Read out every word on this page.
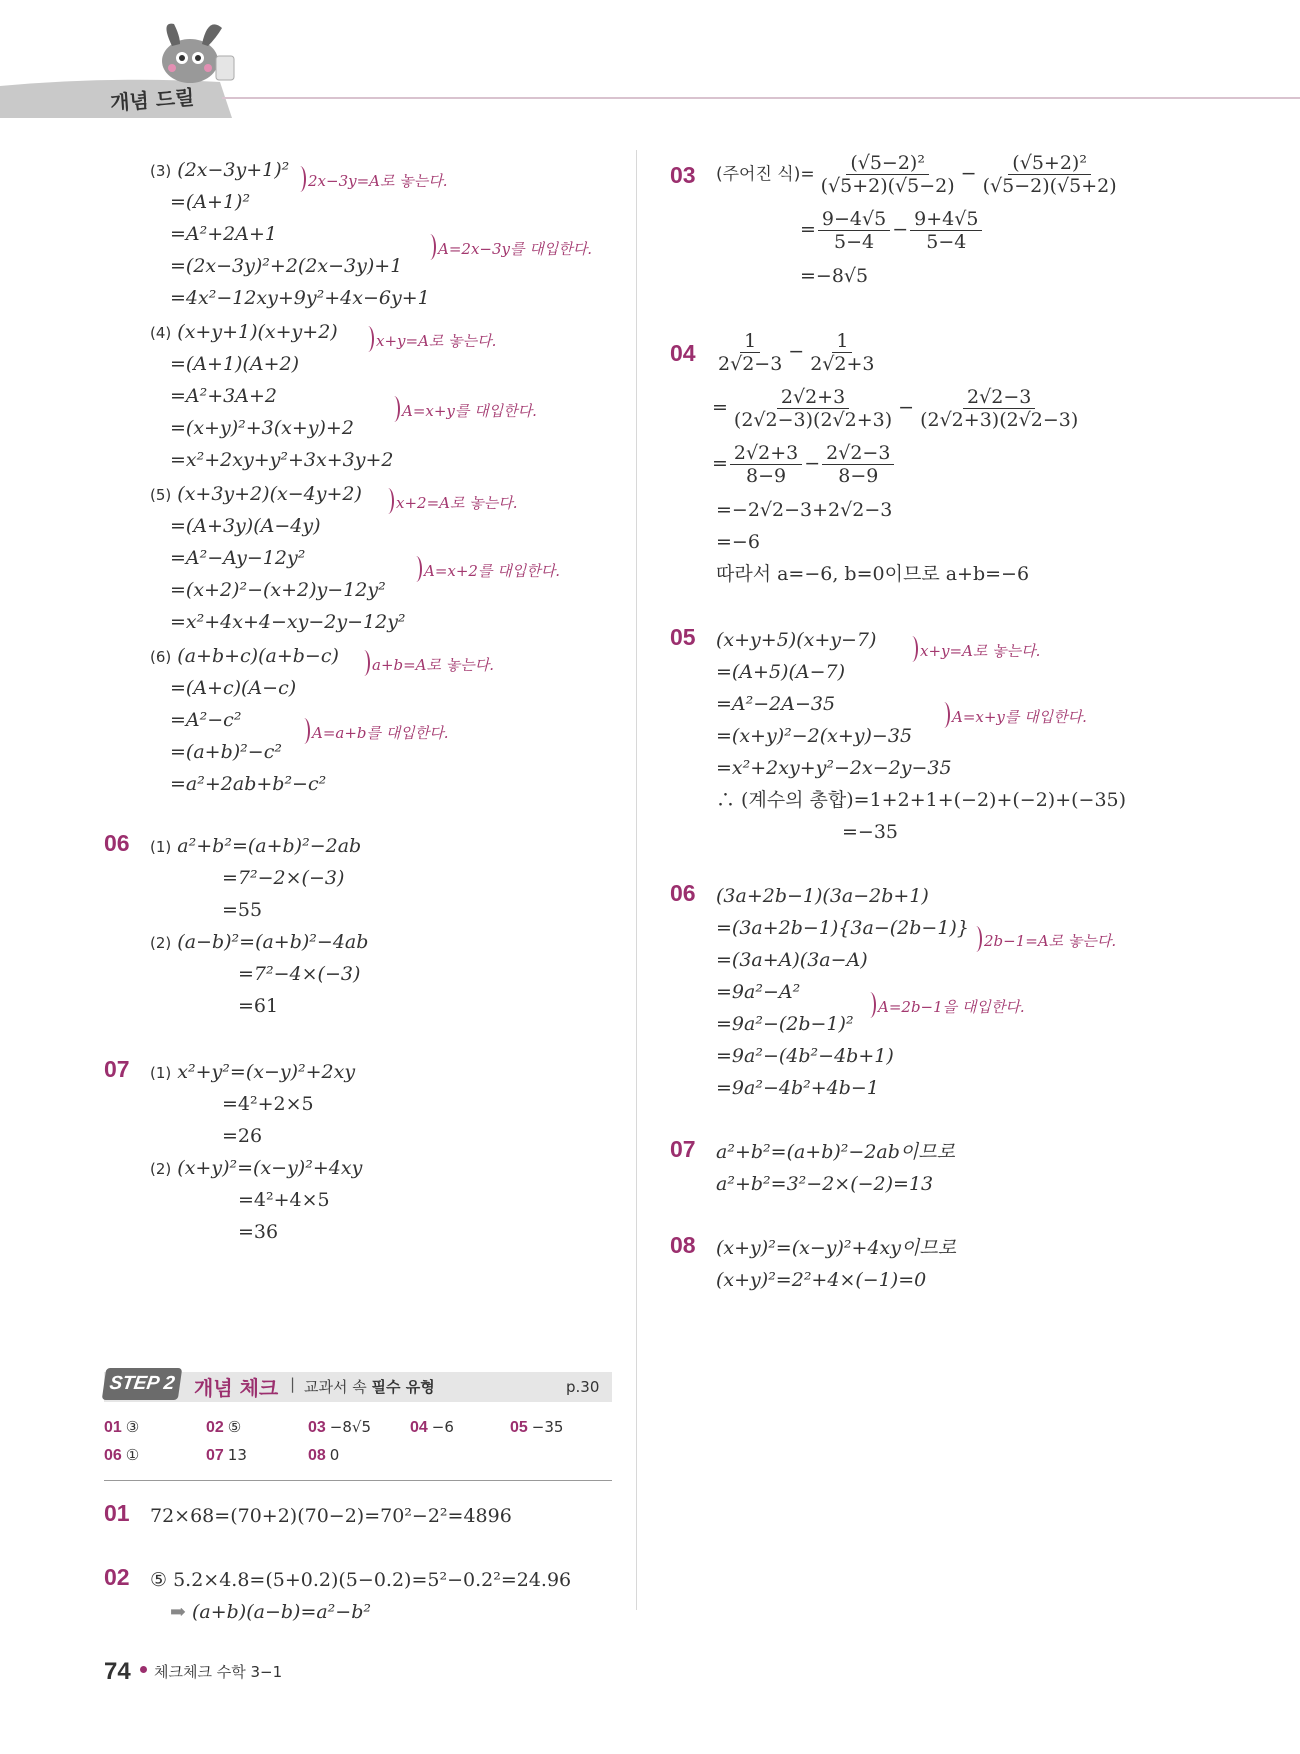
개념 드릴
(3) (2x−3y+1)²
=(A+1)²
=A²+2A+1
=(2x−3y)²+2(2x−3y)+1
=4x²−12xy+9y²+4x−6y+1
2x−3y=A로 놓는다.
A=2x−3y를 대입한다.
(4) (x+y+1)(x+y+2)
=(A+1)(A+2)
=A²+3A+2
=(x+y)²+3(x+y)+2
=x²+2xy+y²+3x+3y+2
x+y=A로 놓는다.
A=x+y를 대입한다.
(5) (x+3y+2)(x−4y+2)
=(A+3y)(A−4y)
=A²−Ay−12y²
=(x+2)²−(x+2)y−12y²
=x²+4x+4−xy−2y−12y²
x+2=A로 놓는다.
A=x+2를 대입한다.
(6) (a+b+c)(a+b−c)
=(A+c)(A−c)
=A²−c²
=(a+b)²−c²
=a²+2ab+b²−c²
a+b=A로 놓는다.
A=a+b를 대입한다.
06 (1) a²+b²=(a+b)²−2ab
=7²−2×(−3)
=55
(2) (a−b)²=(a+b)²−4ab
=7²−4×(−3)
=61
07 (1) x²+y²=(x−y)²+2xy
=4²+2×5
=26
(2) (x+y)²=(x−y)²+4xy
=4²+4×5
=36
03 (주어진 식)= $\frac{\text{(√5−2)²}}{(√5+2)(√5-2)} - \frac{\text{(√5+2)²}}{(√5-2)(√5+2)}$
= $\frac{9-4√5}{5-4} - \frac{9+4√5}{5-4}$
=−8√5
$04 \frac{1}{2√2-3} - \frac{1}{2√2+3}$
= $\frac{2√2+3}{(2√2-3)(2√2+3)} - \frac{2√2-3}{(2√2+3)(2√2-3)}$
= $\frac{2√2+3}{8-9} - \frac{2√2-3}{8-9}$
=−2√2−3+2√2−3
=−6
따라서 a=−6, b=0이므로 a+b=−6
05 (x+y+5)(x+y−7)
=(A+5)(A−7)
=A²−2A−35
=(x+y)²−2(x+y)−35
=x²+2xy+y²−2x−2y−35
∴ (계수의 총합)=1+2+1+(−2)+(−2)+(−35)
=−35
x+y=A로 놓는다.
A=x+y를 대입한다.
06 (3a+2b−1)(3a−2b+1)
=(3a+2b−1){3a−(2b−1)}
=(3a+A)(3a−A)
=9a²−A²
=9a²−(2b−1)²
=9a²−(4b²−4b+1)
=9a²−4b²+4b−1
2b−1=A로 놓는다.
A=2b−1을 대입한다.
07 a²+b²=(a+b)²−2ab이므로
a²+b²=3²−2×(−2)=13
08 (x+y)²=(x−y)²+4xy이므로
(x+y)²=2²+4×(−1)=0
STEP 2 개념 체크 | 교과서 속 필수 유형	p.30
01 ③	02 ⑤	03 −8√5 04 −6	05 −35
06 ①	07 13	08 0
01 72×68=(70+2)(70−2)=70²−2²=4896
02 ⑤ 5.2×4.8=(5+0.2)(5−0.2)=5²−0.2²=24.96
➡ (a+b)(a−b)=a²−b²
74 체크체크 수학 3−1
